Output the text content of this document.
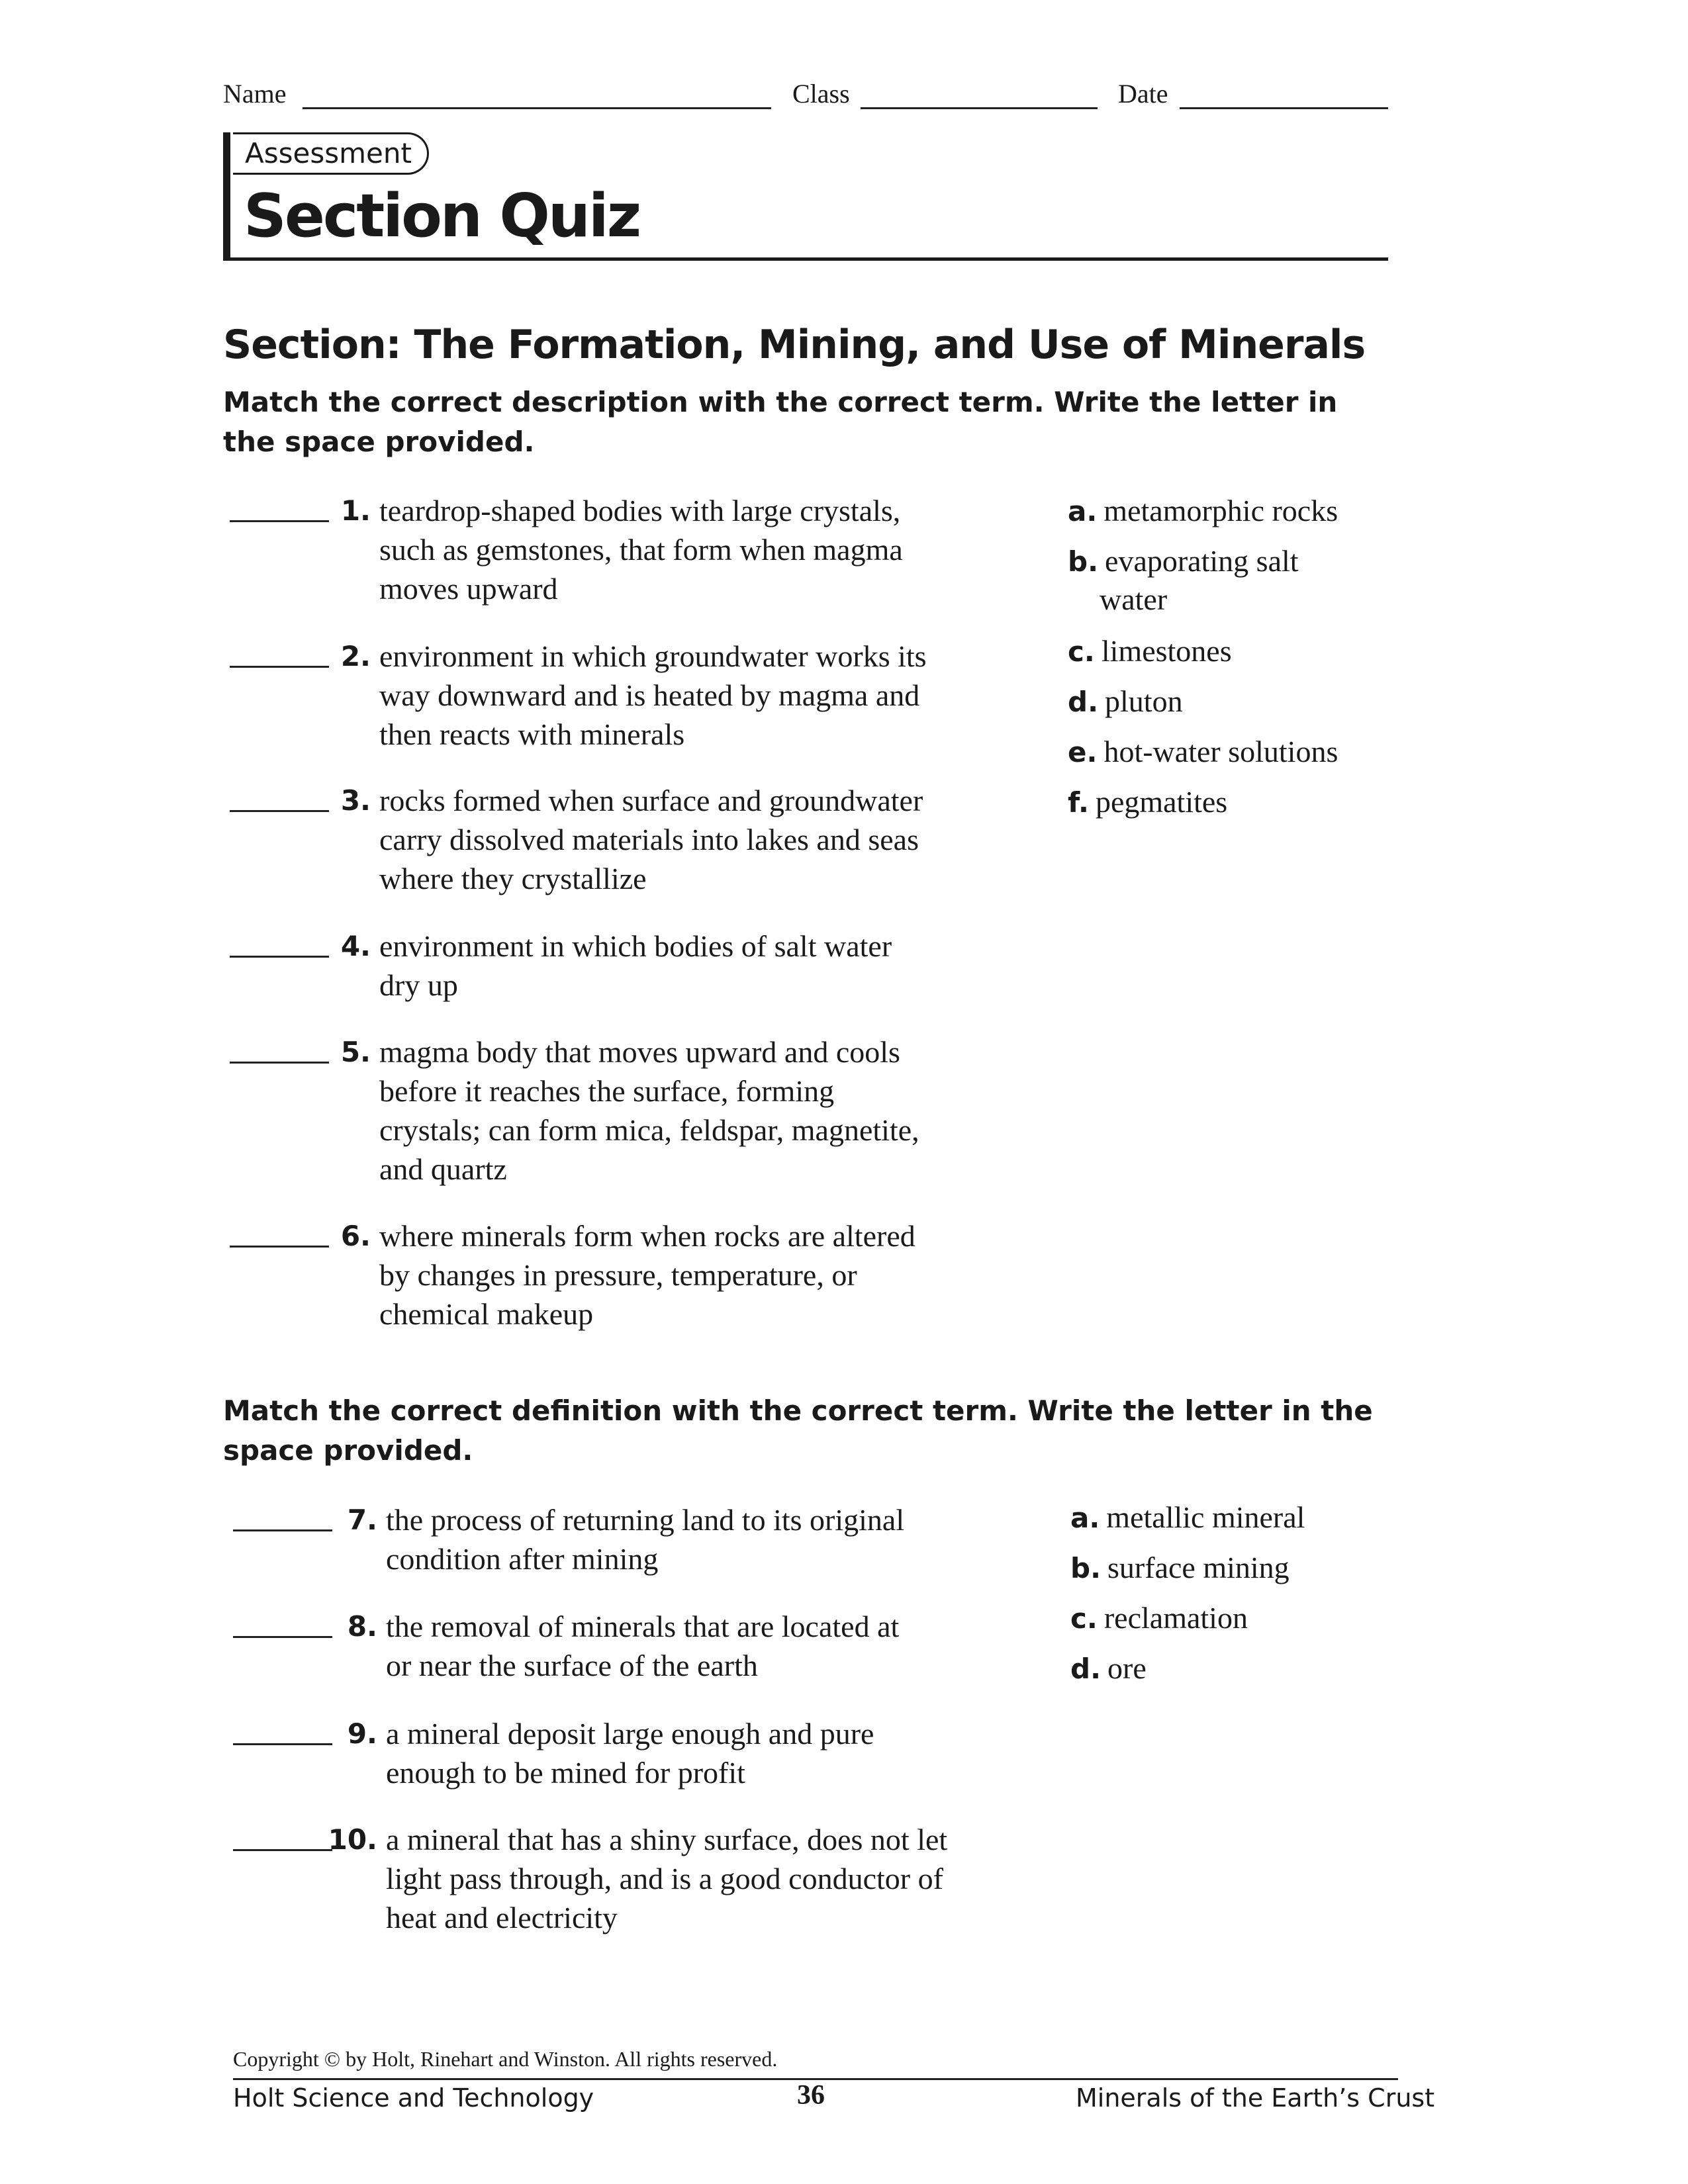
Name	Class	Date
Assessment
Section Quiz
Section: The Formation, Mining, and Use of Minerals
Match the correct description with the correct term. Write the letter in the space provided.
1. teardrop-shaped bodies with large crystals,
such as gemstones, that form when magma
moves upward
2. environment in which groundwater works its
way downward and is heated by magma and
then reacts with minerals
3. rocks formed when surface and groundwater
carry dissolved materials into lakes and seas
where they crystallize
4. environment in which bodies of salt water
dry up
5. magma body that moves upward and cools
before it reaches the surface, forming
crystals; can form mica, feldspar, magnetite,
and quartz
6. where minerals form when rocks are altered
by changes in pressure, temperature, or
chemical makeup
a. metamorphic rocks
b. evaporating salt
water
c. limestones
d. pluton
e. hot-water solutions
f. pegmatites
Match the correct definition with the correct term. Write the letter in the space provided.
7. the process of returning land to its original
condition after mining
8. the removal of minerals that are located at
or near the surface of the earth
9. a mineral deposit large enough and pure
enough to be mined for profit
10. a mineral that has a shiny surface, does not let
light pass through, and is a good conductor of
heat and electricity
a. metallic mineral
b. surface mining
c. reclamation
d. ore
Copyright © by Holt, Rinehart and Winston. All rights reserved.
Holt Science and Technology	36	Minerals of the Earth’s Crust
